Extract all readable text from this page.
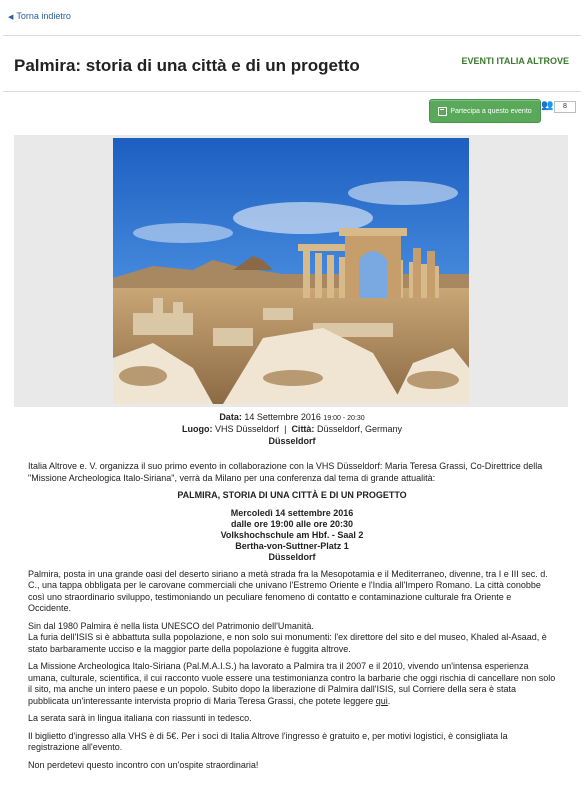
◀ Torna indietro
Palmira: storia di una città e di un progetto	EVENTI ITALIA ALTROVE
Partecipa a questo evento 👥	8
Data: 14 Settembre 2016 19:00 - 20:30
Luogo: VHS Düsseldorf | Città: Düsseldorf, Germany
Düsseldorf

Italia Altrove e. V. organizza il suo primo evento in collaborazione con la VHS Düsseldorf: Maria Teresa Grassi, Co-Direttrice della "Missione Archeologica Italo-Siriana", verrà da Milano per una conferenza dal tema di grande attualità:

PALMIRA, STORIA DI UNA CITTÀ E DI UN PROGETTO
Mercoledì 14 settembre 2016
dalle ore 19:00 alle ore 20:30
Volkshochschule am Hbf. - Saal 2
Bertha-von-Suttner-Platz 1
Düsseldorf

Palmira, posta in una grande oasi del deserto siriano a metà strada fra la Mesopotamia e il Mediterraneo, divenne, tra I e III sec. d. C., una tappa obbligata per le carovane commerciali che univano l'Estremo Oriente e l'India all'Impero Romano. La città conobbe così uno straordinario sviluppo, testimoniando un peculiare fenomeno di contatto e contaminazione culturale fra Oriente e Occidente.

Sin dal 1980 Palmira è nella lista UNESCO del Patrimonio dell'Umanità.
La furia dell'ISIS si è abbattuta sulla popolazione, e non solo sui monumenti: l'ex direttore del sito e del museo, Khaled al-Asaad, è stato barbaramente ucciso e la maggior parte della popolazione è fuggita altrove.

La Missione Archeologica Italo-Siriana (Pal.M.A.I.S.) ha lavorato a Palmira tra il 2007 e il 2010, vivendo un'intensa esperienza umana, culturale, scientifica, il cui racconto vuole essere una testimonianza contro la barbarie che oggi rischia di cancellare non solo il sito, ma anche un intero paese e un popolo. Subito dopo la liberazione di Palmira dall'ISIS, sul Corriere della sera è stata pubblicata un'interessante intervista proprio di Maria Teresa Grassi, che potete leggere qui.

La serata sarà in lingua italiana con riassunti in tedesco.

Il biglietto d'ingresso alla VHS è di 5€. Per i soci di Italia Altrove l'ingresso è gratuito e, per motivi logistici, è consigliata la registrazione all'evento.

Non perdetevi questo incontro con un'ospite straordinaria!
